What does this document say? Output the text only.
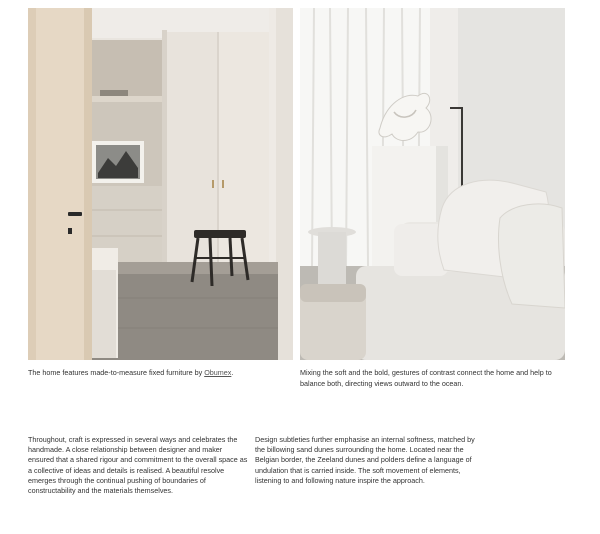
The home features made-to-measure fixed furniture by Obumex.	Mixing the soft and the bold, gestures of contrast connect the home and help to balance both, directing views outward to the ocean.
Throughout, craft is expressed in several ways and celebrates the handmade. A close relationship between designer and maker ensured that a shared rigour and commitment to the overall space as a collective of ideas and details is realised. A beautiful resolve emerges through the continual pushing of boundaries of constructability and the materials themselves.
Design subtleties further emphasise an internal softness, matched by the billowing sand dunes surrounding the home. Located near the Belgian border, the Zeeland dunes and polders define a language of undulation that is carried inside. The soft movement of elements, listening to and following nature inspire the approach.
